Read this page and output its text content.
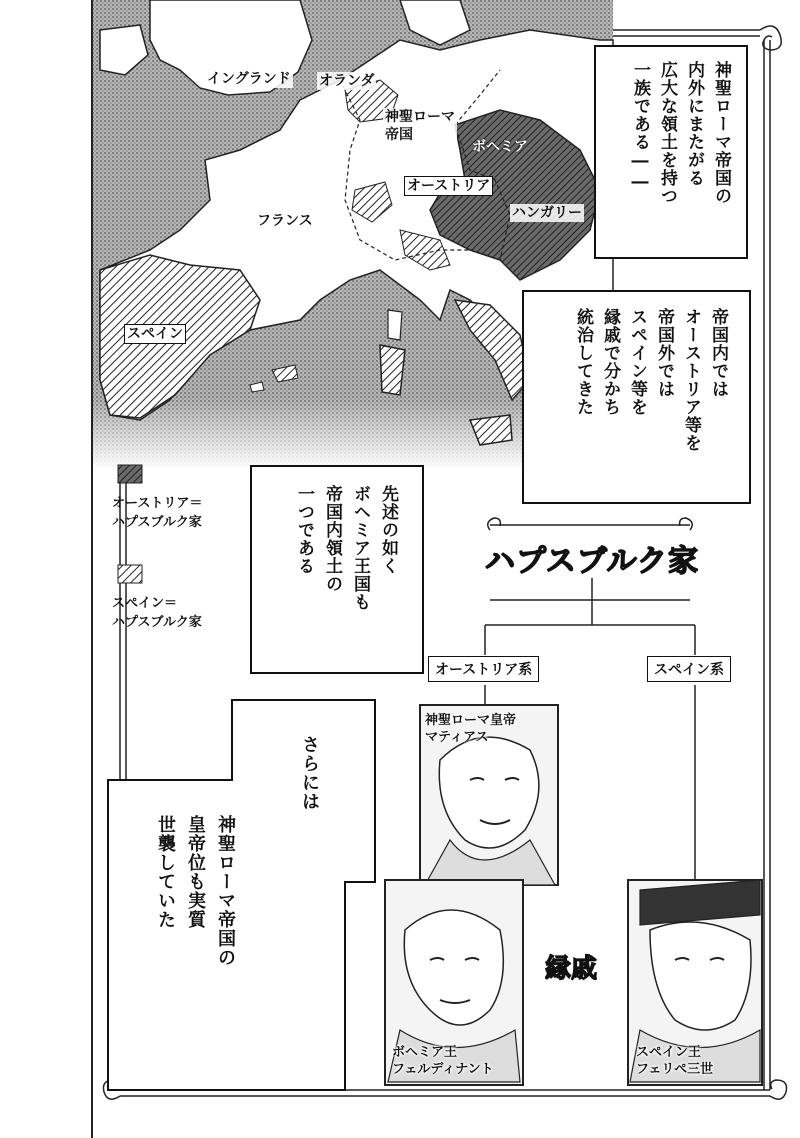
イングランド オランダ
神聖ローマ
帝国
ボヘミア
オーストリア
ハンガリー
フランス
スペイン
神聖ローマ帝国の
内外にまたがる
広大な領土を持つ
一族である――
帝国内では
オーストリア等を
帝国外では
スペイン等を
縁戚で分かち
統治してきた
先述の如く
ボヘミア王国も
帝国内領土の
一つである
さらには
神聖ローマ帝国の
皇帝位も実質
世襲していた
オーストリア＝
ハプスブルク家
スペイン＝
ハプスブルク家
ハプスブルク家
オーストリア系	スペイン系
縁戚
神聖ローマ皇帝
マティアス
ボヘミア王
フェルディナント
スペイン王
フェリペ三世
